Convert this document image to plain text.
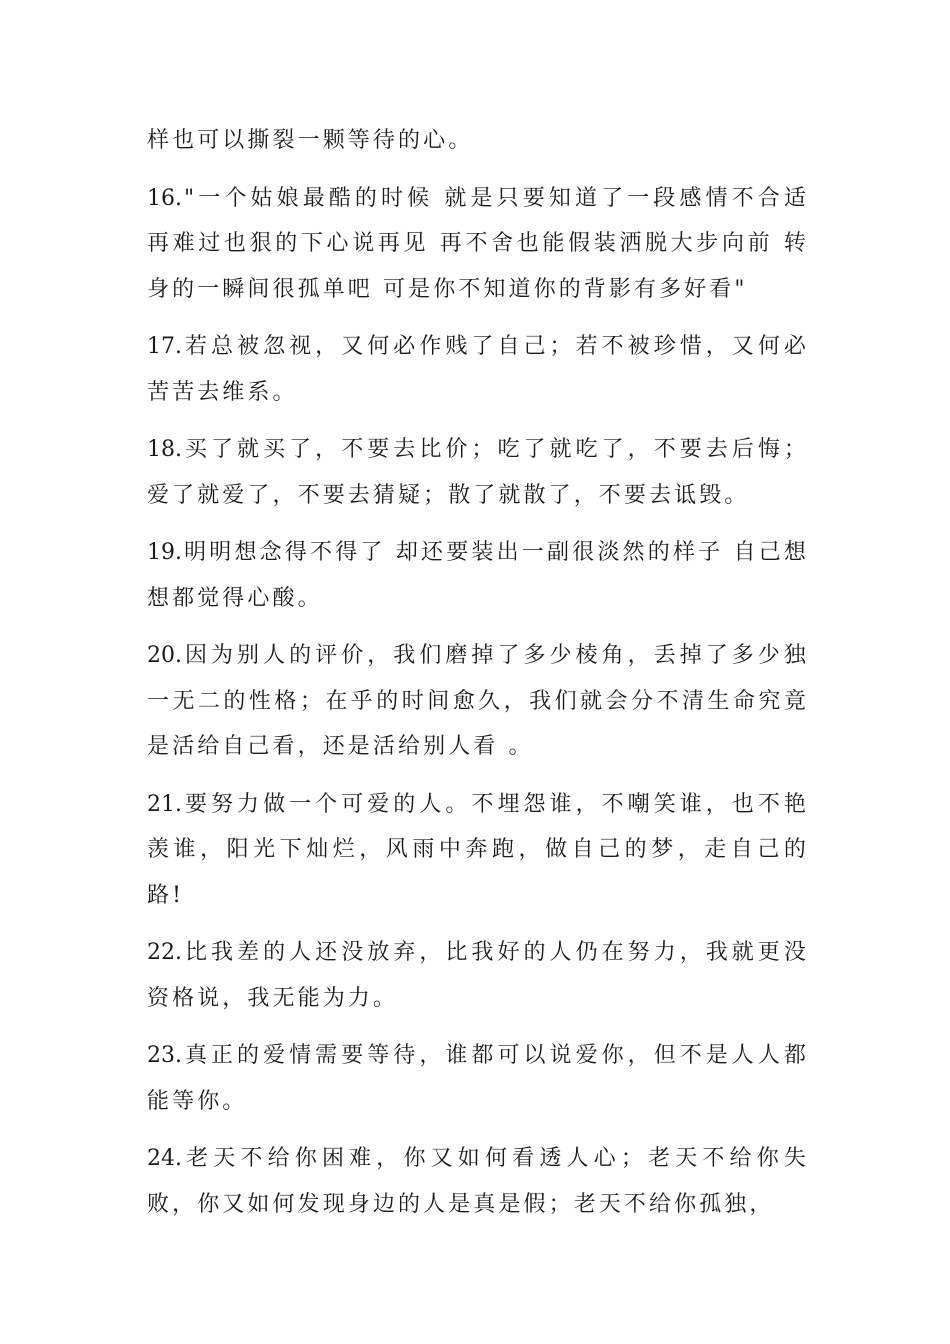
样也可以撕裂一颗等待的心。

16."一个姑娘最酷的时候 就是只要知道了一段感情不合适 再难过也狠的下心说再见 再不舍也能假装洒脱大步向前 转身的一瞬间很孤单吧 可是你不知道你的背影有多好看"

17.若总被忽视，又何必作贱了自己；若不被珍惜，又何必苦苦去维系。

18.买了就买了，不要去比价；吃了就吃了，不要去后悔；爱了就爱了，不要去猜疑；散了就散了，不要去诋毁。

19.明明想念得不得了 却还要装出一副很淡然的样子 自己想想都觉得心酸。

20.因为别人的评价，我们磨掉了多少棱角，丢掉了多少独一无二的性格；在乎的时间愈久，我们就会分不清生命究竟是活给自己看，还是活给别人看 。

21.要努力做一个可爱的人。不埋怨谁，不嘲笑谁，也不艳羡谁，阳光下灿烂，风雨中奔跑，做自己的梦，走自己的路!

22.比我差的人还没放弃，比我好的人仍在努力，我就更没资格说，我无能为力。

23.真正的爱情需要等待，谁都可以说爱你，但不是人人都能等你。

24.老天不给你困难，你又如何看透人心；老天不给你失败，你又如何发现身边的人是真是假；老天不给你孤独，
